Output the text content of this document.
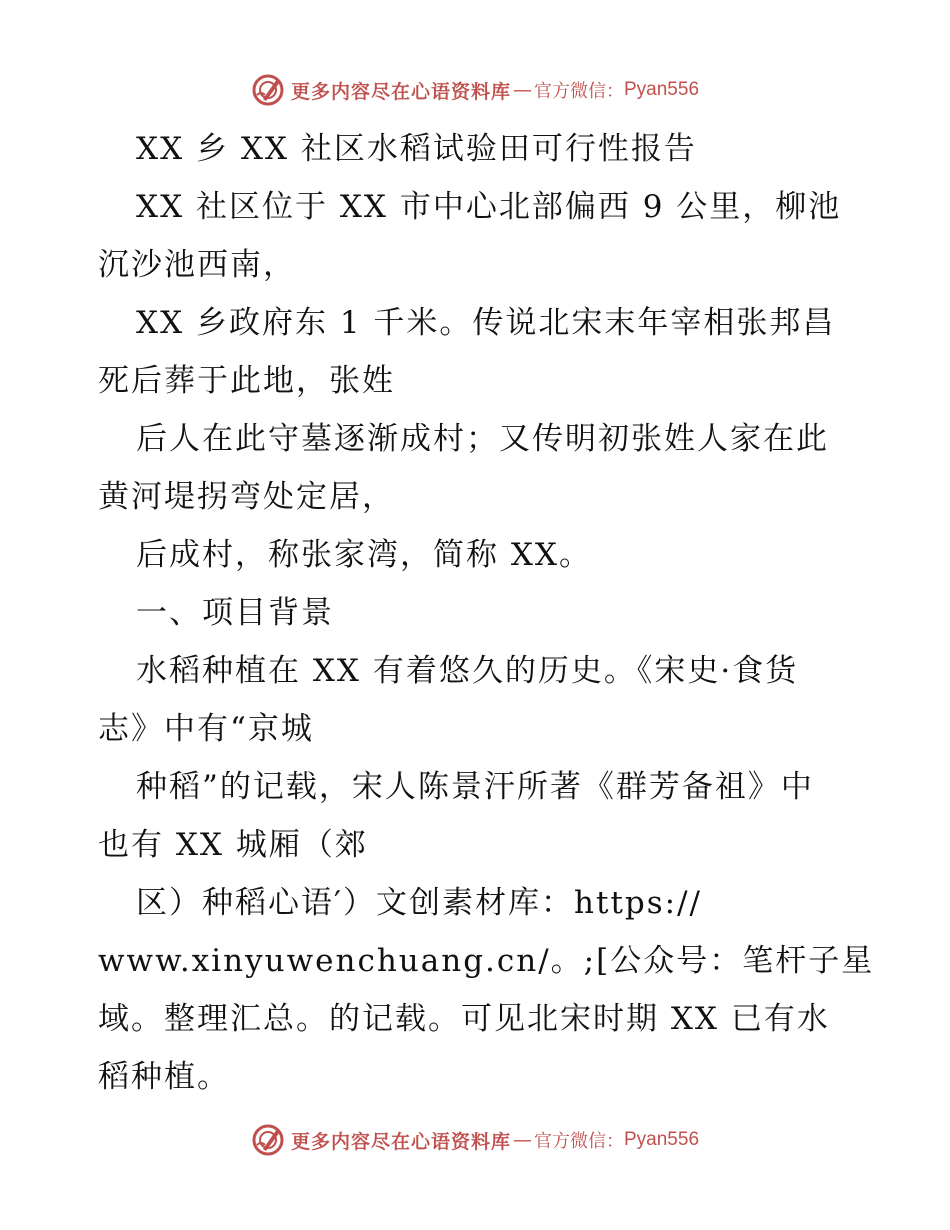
更多内容尽在心语资料库 — 官方微信： Pyan556
XX 乡 XX 社区水稻试验田可行性报告
XX 社区位于 XX 市中心北部偏西 9 公里，柳池
沉沙池西南，
XX 乡政府东 1 千米。传说北宋末年宰相张邦昌
死后葬于此地，张姓
后人在此守墓逐渐成村；又传明初张姓人家在此
黄河堤拐弯处定居，
后成村，称张家湾，简称 XX。
一、项目背景
水稻种植在 XX 有着悠久的历史。《宋史·食货
志》中有“京城
种稻”的记载，宋人陈景汗所著《群芳备祖》中
也有 XX 城厢（郊
区）种稻心语′）文创素材库：https://
www.xinyuwenchuang.cn/。;[公众号：笔杆子星
域。整理汇总。的记载。可见北宋时期 XX 已有水
稻种植。
更多内容尽在心语资料库 — 官方微信： Pyan556
